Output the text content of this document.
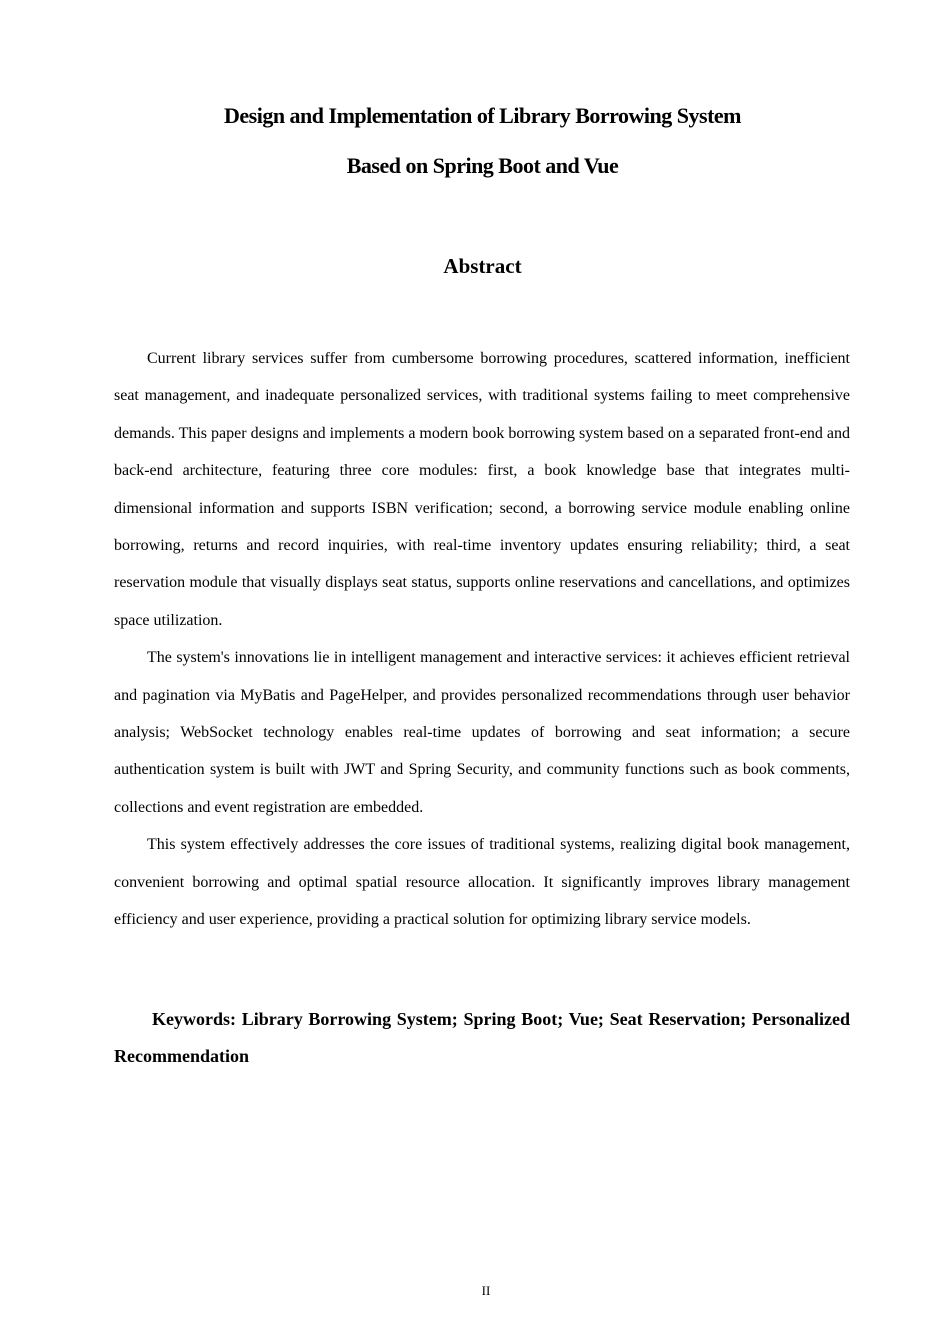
Design and Implementation of Library Borrowing System
Based on Spring Boot and Vue
Abstract

Current library services suffer from cumbersome borrowing procedures, scattered information, inefficient seat management, and inadequate personalized services, with traditional systems failing to meet comprehensive demands. This paper designs and implements a modern book borrowing system based on a separated front-end and back-end architecture, featuring three core modules: first, a book knowledge base that integrates multi-dimensional information and supports ISBN verification; second, a borrowing service module enabling online borrowing, returns and record inquiries, with real-time inventory updates ensuring reliability; third, a seat reservation module that visually displays seat status, supports online reservations and cancellations, and optimizes space utilization.

The system's innovations lie in intelligent management and interactive services: it achieves efficient retrieval and pagination via MyBatis and PageHelper, and provides personalized recommendations through user behavior analysis; WebSocket technology enables real-time updates of borrowing and seat information; a secure authentication system is built with JWT and Spring Security, and community functions such as book comments, collections and event registration are embedded.

This system effectively addresses the core issues of traditional systems, realizing digital book management, convenient borrowing and optimal spatial resource allocation. It significantly improves library management efficiency and user experience, providing a practical solution for optimizing library service models.

Keywords: Library Borrowing System; Spring Boot; Vue; Seat Reservation; Personalized Recommendation

II
